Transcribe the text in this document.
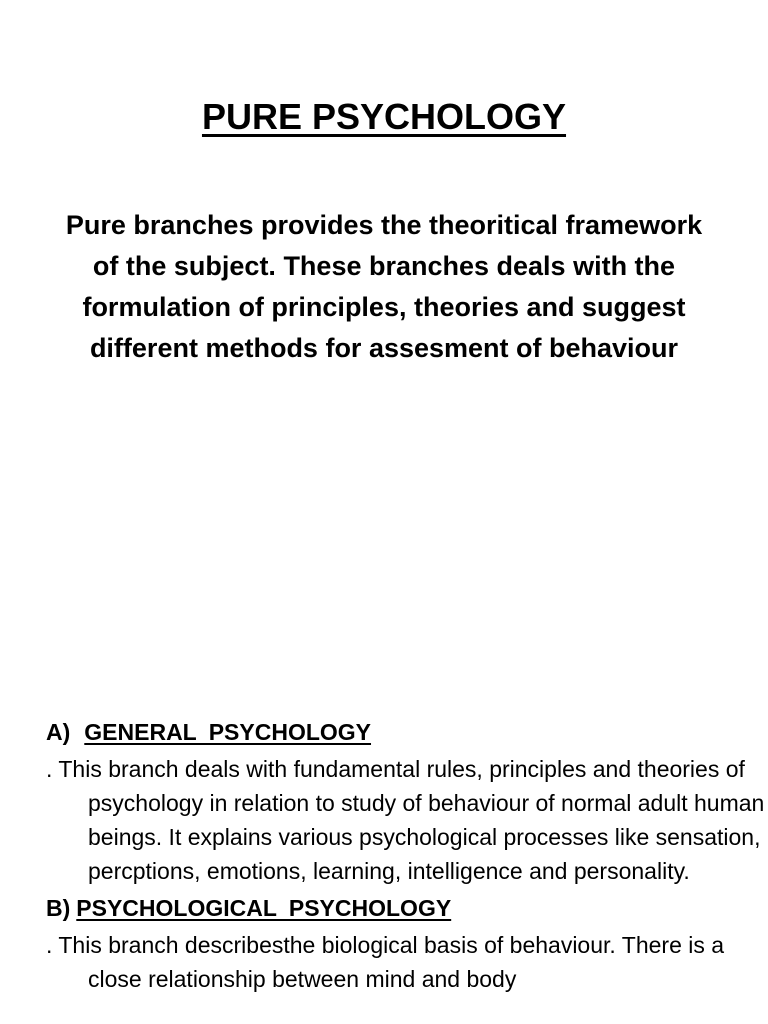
PURE PSYCHOLOGY

Pure branches provides the theoritical framework of the subject. These branches deals with the formulation of principles, theories and suggest different methods for assesment of behaviour

A) GENERAL PSYCHOLOGY

. This branch deals with fundamental rules, principles and theories of psychology in relation to study of behaviour of normal adult human beings. It explains various psychological processes like sensation, percptions, emotions, learning, intelligence and personality.

B) PSYCHOLOGICAL PSYCHOLOGY

. This branch describesthe biological basis of behaviour. There is a close relationship between mind and body
